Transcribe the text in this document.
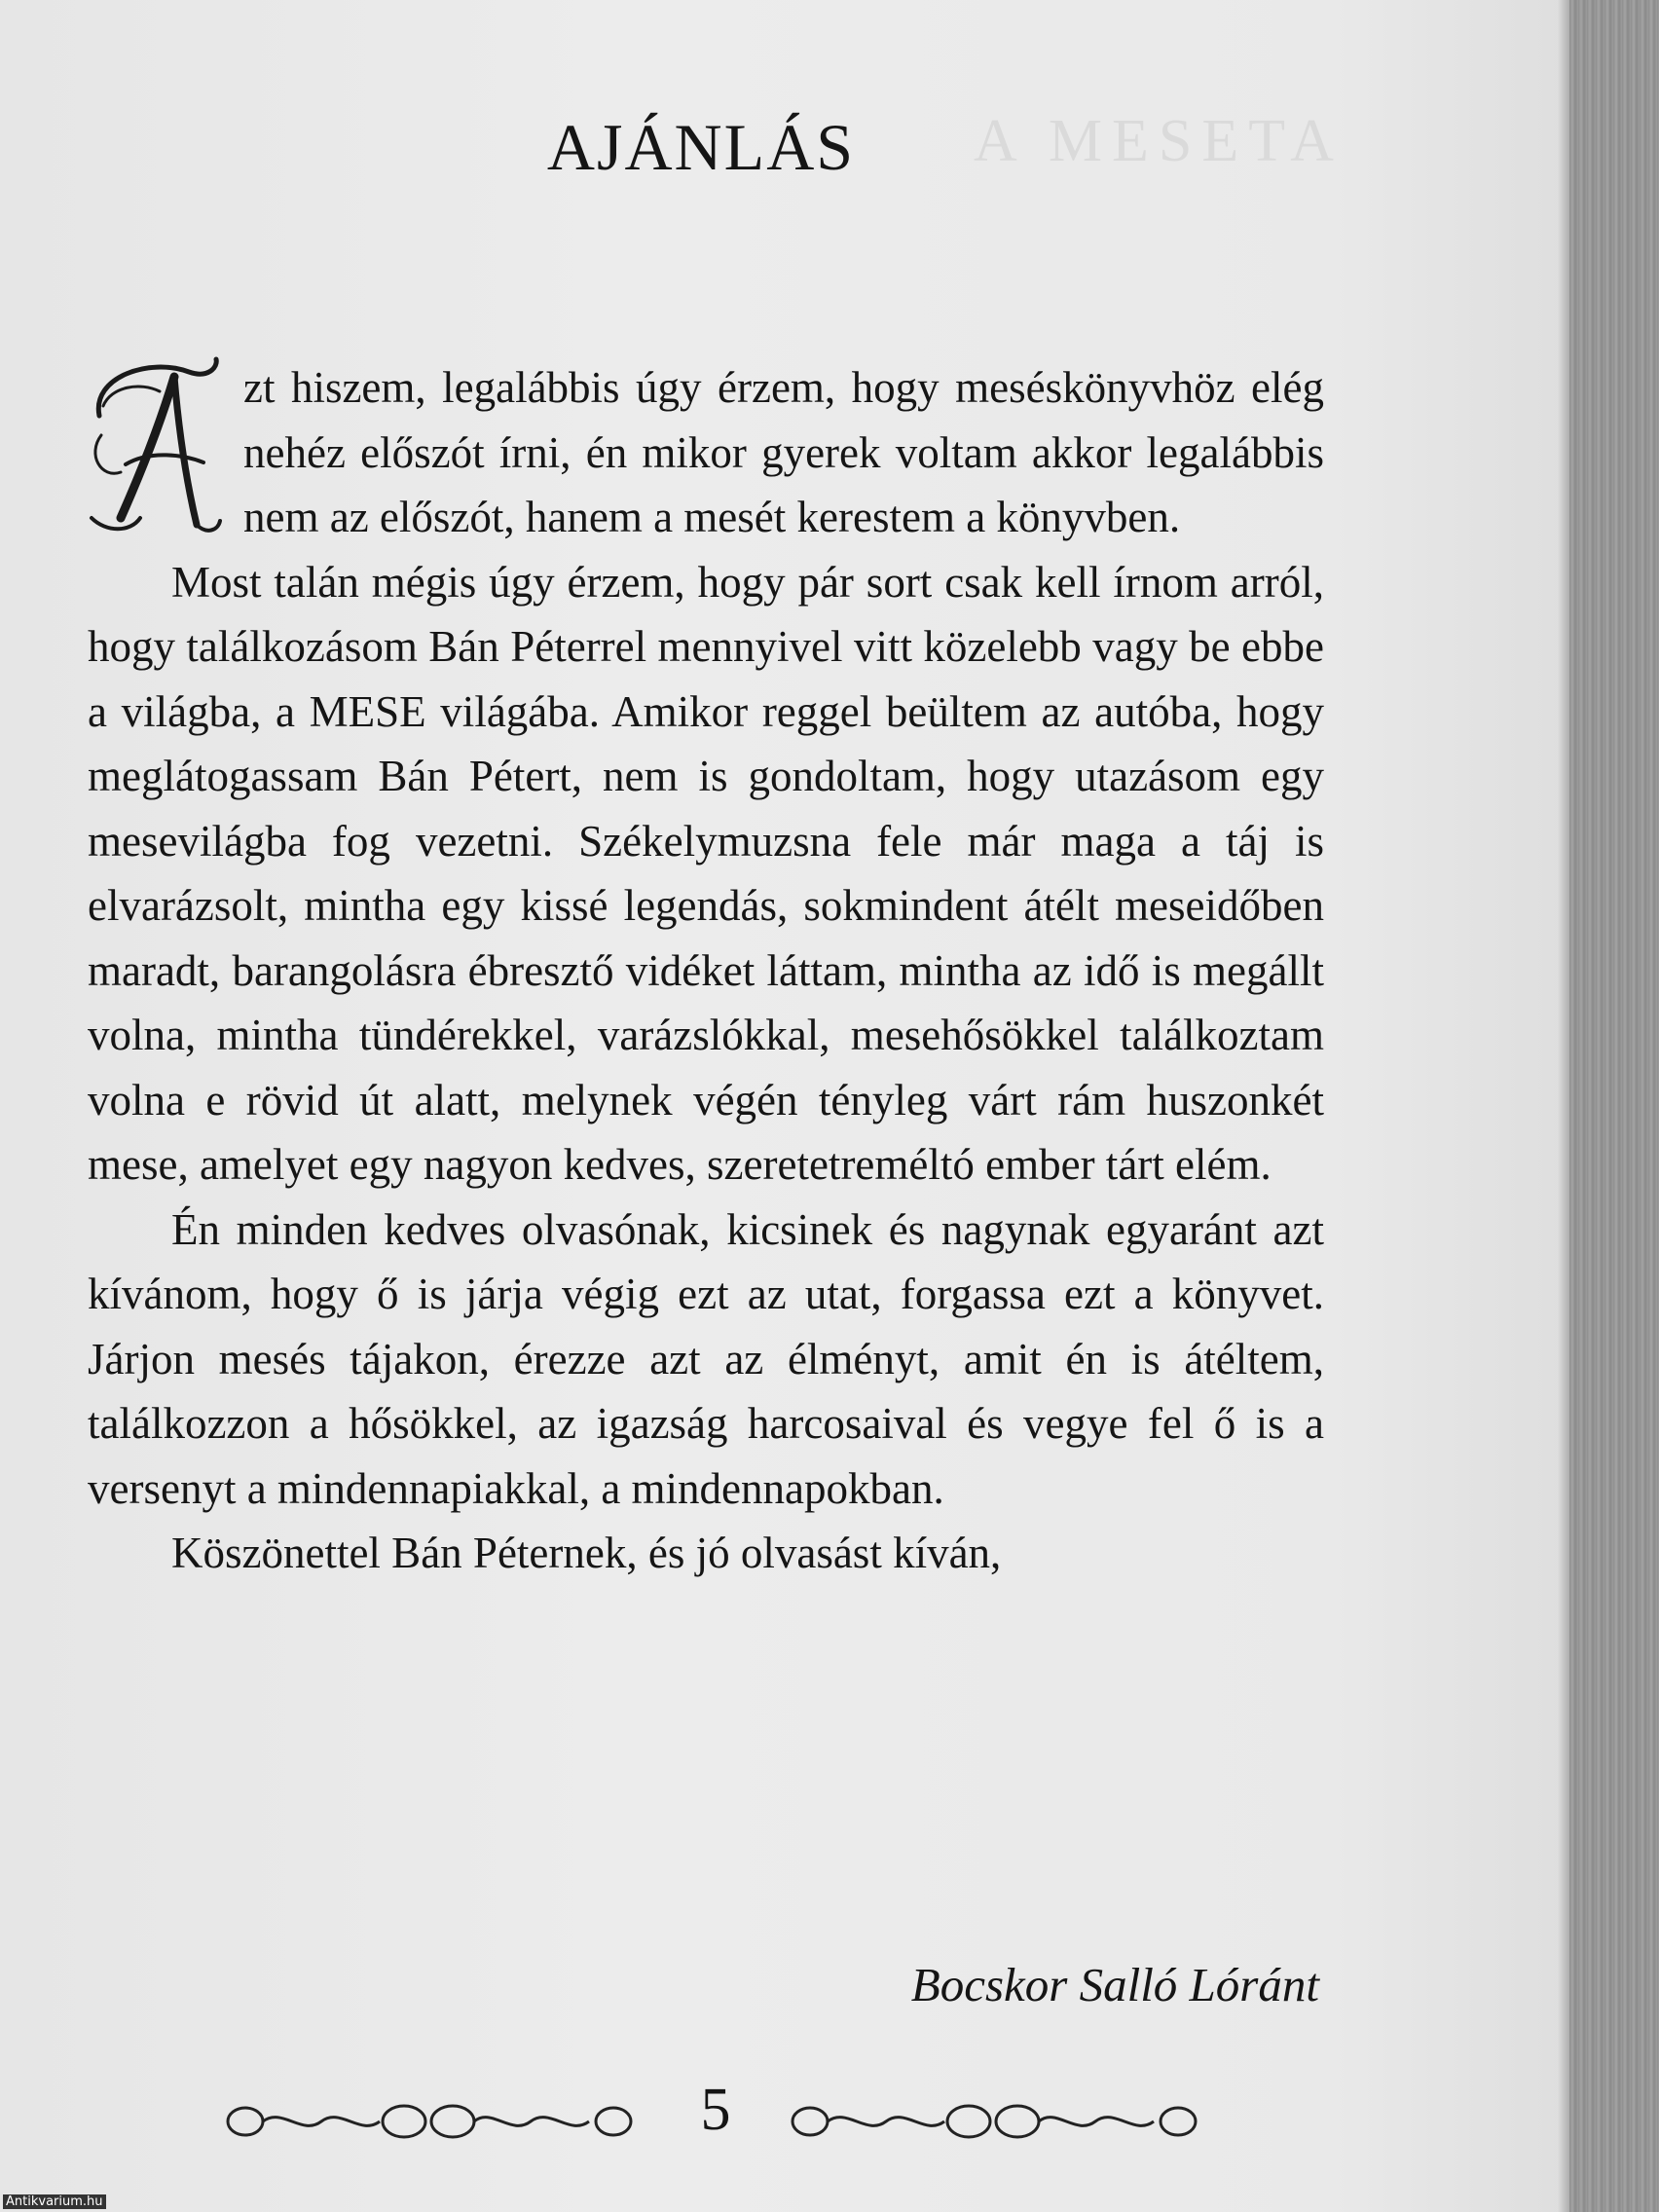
A MESETA
AJÁNLÁS

A
zt hiszem, legalábbis úgy érzem, hogy meséskönyvhöz elég nehéz előszót írni, én mikor gyerek voltam akkor legalábbis nem az előszót, hanem a mesét kerestem a könyvben.

Most talán mégis úgy érzem, hogy pár sort csak kell írnom arról, hogy találkozásom Bán Péterrel mennyivel vitt közelebb vagy be ebbe a világba, a MESE világába. Amikor reggel beültem az autóba, hogy meglátogassam Bán Pétert, nem is gondoltam, hogy utazásom egy mesevilágba fog vezetni. Székelymuzsna fele már maga a táj is elvarázsolt, mintha egy kissé legendás, sokmindent átélt meseidőben maradt, barangolásra ébresztő vidéket láttam, mintha az idő is megállt volna, mintha tündérekkel, varázslókkal, mesehősökkel találkoztam volna e rövid út alatt, melynek végén tényleg várt rám huszonkét mese, amelyet egy nagyon kedves, szeretetreméltó ember tárt elém.

Én minden kedves olvasónak, kicsinek és nagynak egyaránt azt kívánom, hogy ő is járja végig ezt az utat, forgassa ezt a könyvet. Járjon mesés tájakon, érezze azt az élményt, amit én is átéltem, találkozzon a hősökkel, az igazság harcosaival és vegye fel ő is a versenyt a mindennapiakkal, a mindennapokban.

Köszönettel Bán Péternek, és jó olvasást kíván,

Bocskor Salló Lóránt
5
Antikvarium.hu
